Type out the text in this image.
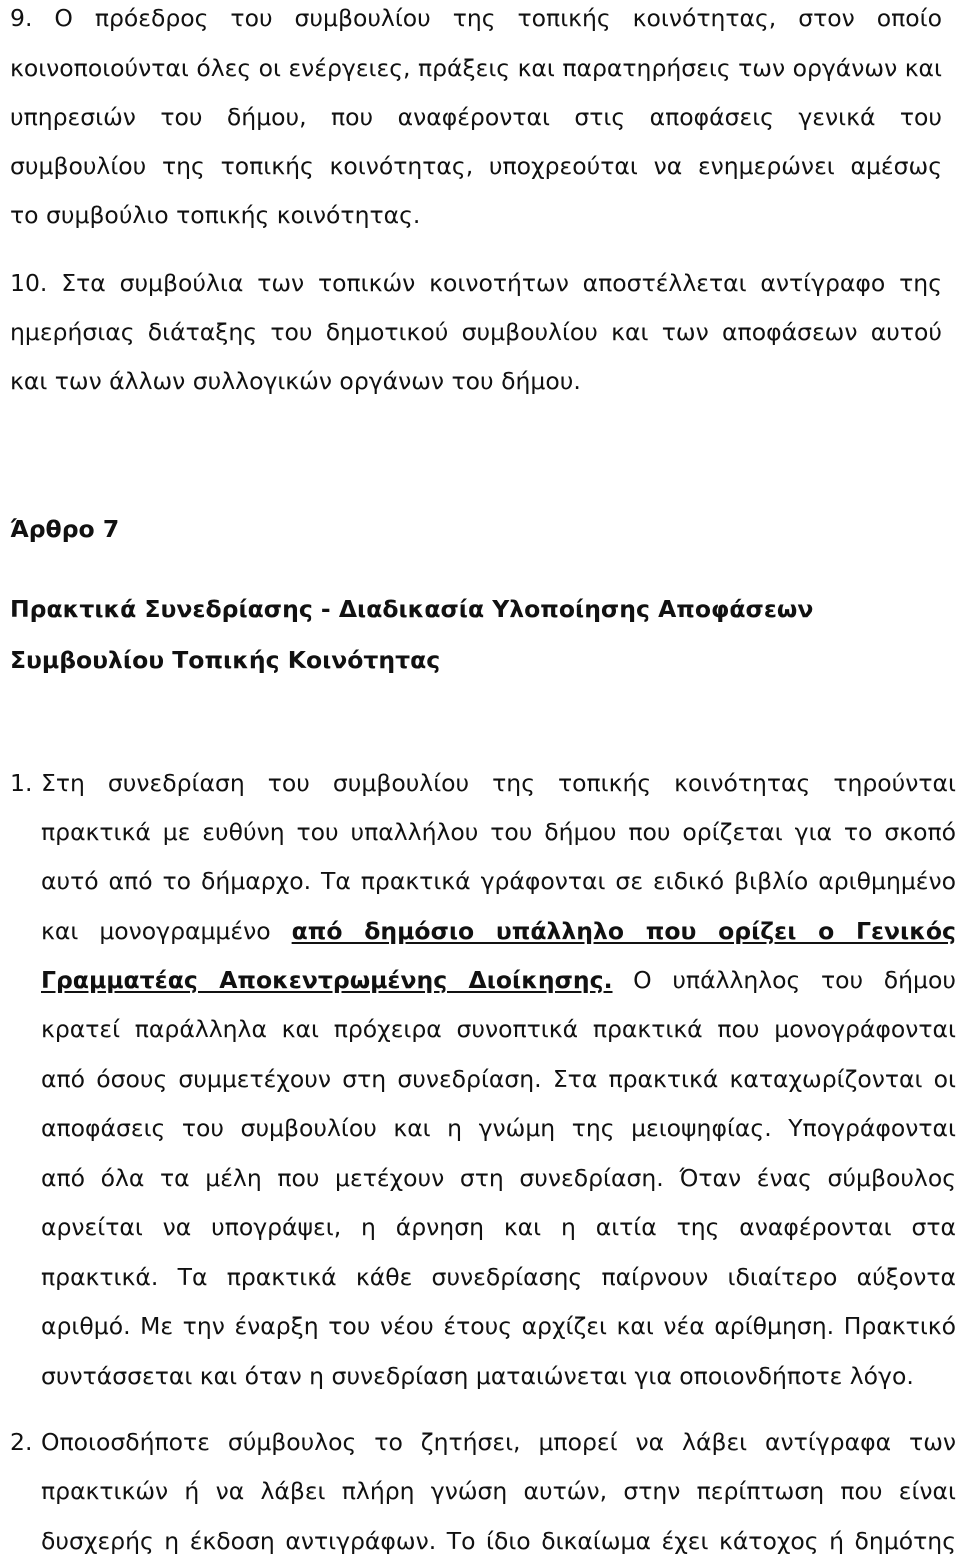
9. Ο πρόεδρος του συμβουλίου της τοπικής κοινότητας, στον οποίο
κοινοποιούνται όλες οι ενέργειες, πράξεις και παρατηρήσεις των οργάνων και
υπηρεσιών του δήμου, που αναφέρονται στις αποφάσεις γενικά του
συμβουλίου της τοπικής κοινότητας, υποχρεούται να ενημερώνει αμέσως
το συμβούλιο τοπικής κοινότητας.
10. Στα συμβούλια των τοπικών κοινοτήτων αποστέλλεται αντίγραφο της
ημερήσιας διάταξης του δημοτικού συμβουλίου και των αποφάσεων αυτού
και των άλλων συλλογικών οργάνων του δήμου.
Άρθρο 7
Πρακτικά Συνεδρίασης - Διαδικασία Υλοποίησης Αποφάσεων
Συμβουλίου Τοπικής Κοινότητας
1. Στη συνεδρίαση του συμβουλίου της τοπικής κοινότητας τηρούνται
πρακτικά με ευθύνη του υπαλλήλου του δήμου που ορίζεται για το σκοπό
αυτό από το δήμαρχο. Τα πρακτικά γράφονται σε ειδικό βιβλίο αριθμημένο
και μονογραμμένο από δημόσιο υπάλληλο που ορίζει ο Γενικός
Γραμματέας Αποκεντρωμένης Διοίκησης. Ο υπάλληλος του δήμου
κρατεί παράλληλα και πρόχειρα συνοπτικά πρακτικά που μονογράφονται
από όσους συμμετέχουν στη συνεδρίαση. Στα πρακτικά καταχωρίζονται οι
αποφάσεις του συμβουλίου και η γνώμη της μειοψηφίας. Υπογράφονται
από όλα τα μέλη που μετέχουν στη συνεδρίαση. Όταν ένας σύμβουλος
αρνείται να υπογράψει, η άρνηση και η αιτία της αναφέρονται στα
πρακτικά. Τα πρακτικά κάθε συνεδρίασης παίρνουν ιδιαίτερο αύξοντα
αριθμό. Με την έναρξη του νέου έτους αρχίζει και νέα αρίθμηση. Πρακτικό
συντάσσεται και όταν η συνεδρίαση ματαιώνεται για οποιονδήποτε λόγο.
2. Οποιοσδήποτε σύμβουλος το ζητήσει, μπορεί να λάβει αντίγραφα των
πρακτικών ή να λάβει πλήρη γνώση αυτών, στην περίπτωση που είναι
δυσχερής η έκδοση αντιγράφων. Το ίδιο δικαίωμα έχει κάτοχος ή δημότης
